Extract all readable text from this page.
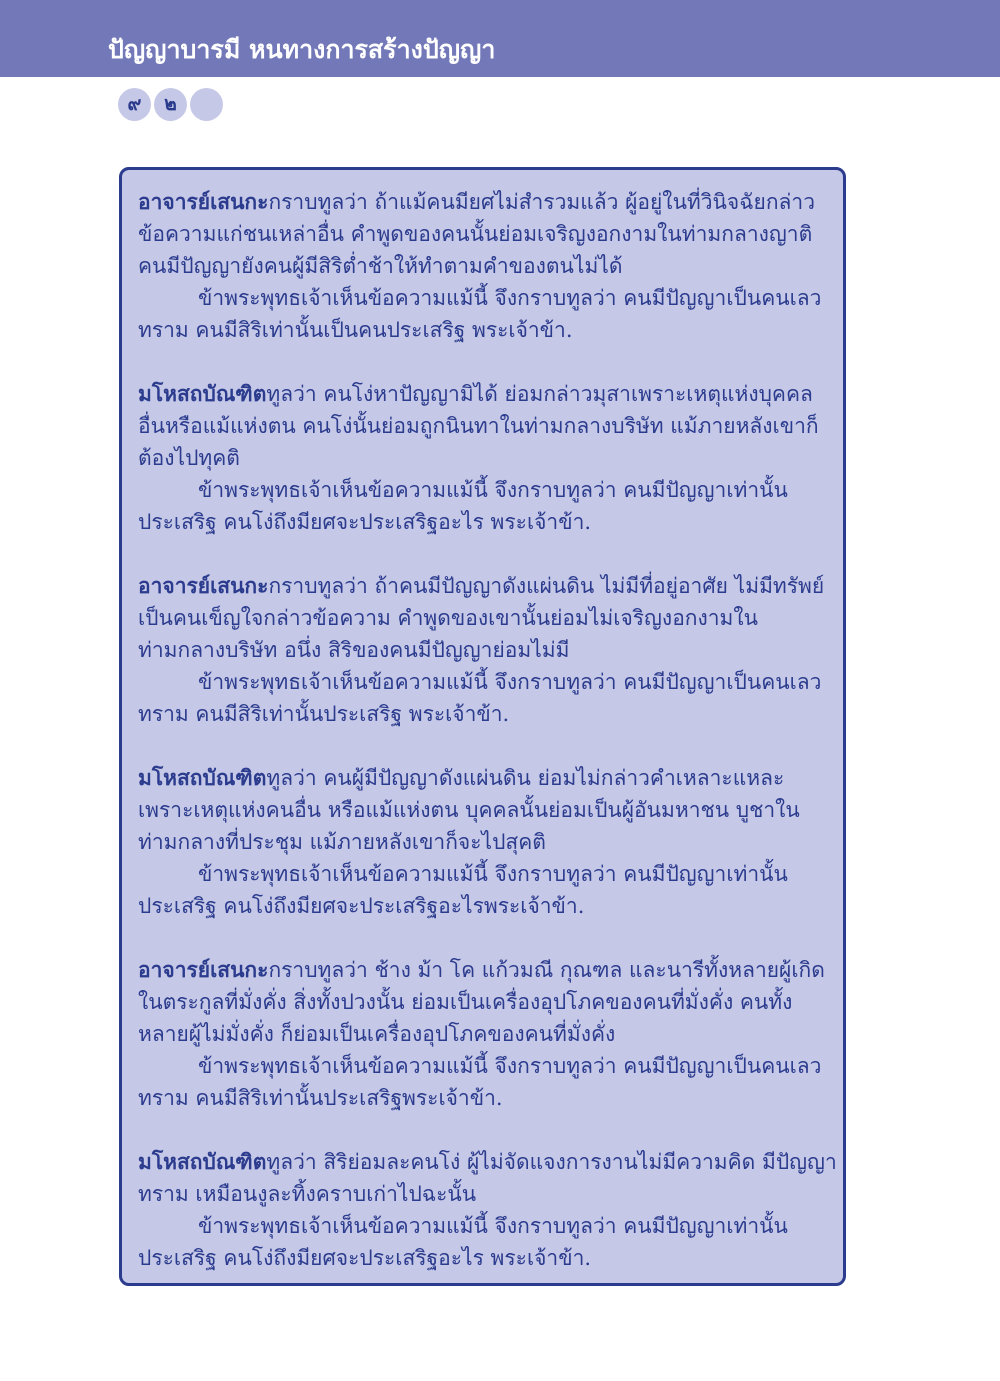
ปัญญาบารมี หนทางการสร้างปัญญา
๙	๒

อาจารย์เสนกะกราบทูลว่า ถ้าแม้คนมียศไม่สำรวมแล้ว ผู้อยู่ในที่วินิจฉัยกล่าวข้อความแก่ชนเหล่าอื่น คำพูดของคนนั้นย่อมเจริญงอกงามในท่ามกลางญาติ คนมีปัญญายังคนผู้มีสิริต่ำช้าให้ทำตามคำของตนไม่ได้

ข้าพระพุทธเจ้าเห็นข้อความแม้นี้ จึงกราบทูลว่า คนมีปัญญาเป็นคนเลวทราม คนมีสิริเท่านั้นเป็นคนประเสริฐ พระเจ้าข้า.

มโหสถบัณฑิตทูลว่า คนโง่หาปัญญามิได้ ย่อมกล่าวมุสาเพราะเหตุแห่งบุคคลอื่นหรือแม้แห่งตน คนโง่นั้นย่อมถูกนินทาในท่ามกลางบริษัท แม้ภายหลังเขาก็ต้องไปทุคติ

ข้าพระพุทธเจ้าเห็นข้อความแม้นี้ จึงกราบทูลว่า คนมีปัญญาเท่านั้นประเสริฐ คนโง่ถึงมียศจะประเสริฐอะไร พระเจ้าข้า.

อาจารย์เสนกะกราบทูลว่า ถ้าคนมีปัญญาดังแผ่นดิน ไม่มีที่อยู่อาศัย ไม่มีทรัพย์ เป็นคนเข็ญใจกล่าวข้อความ คำพูดของเขานั้นย่อมไม่เจริญงอกงามในท่ามกลางบริษัท อนึ่ง สิริของคนมีปัญญาย่อมไม่มี

ข้าพระพุทธเจ้าเห็นข้อความแม้นี้ จึงกราบทูลว่า คนมีปัญญาเป็นคนเลวทราม คนมีสิริเท่านั้นประเสริฐ พระเจ้าข้า.

มโหสถบัณฑิตทูลว่า คนผู้มีปัญญาดังแผ่นดิน ย่อมไม่กล่าวคำเหลาะแหละเพราะเหตุแห่งคนอื่น หรือแม้แห่งตน บุคคลนั้นย่อมเป็นผู้อันมหาชน บูชาในท่ามกลางที่ประชุม แม้ภายหลังเขาก็จะไปสุคติ

ข้าพระพุทธเจ้าเห็นข้อความแม้นี้ จึงกราบทูลว่า คนมีปัญญาเท่านั้นประเสริฐ คนโง่ถึงมียศจะประเสริฐอะไรพระเจ้าข้า.

อาจารย์เสนกะกราบทูลว่า ช้าง ม้า โค แก้วมณี กุณฑล และนารีทั้งหลายผู้เกิดในตระกูลที่มั่งคั่ง สิ่งทั้งปวงนั้น ย่อมเป็นเครื่องอุปโภคของคนที่มั่งคั่ง คนทั้งหลายผู้ไม่มั่งคั่ง ก็ย่อมเป็นเครื่องอุปโภคของคนที่มั่งคั่ง

ข้าพระพุทธเจ้าเห็นข้อความแม้นี้ จึงกราบทูลว่า คนมีปัญญาเป็นคนเลวทราม คนมีสิริเท่านั้นประเสริฐพระเจ้าข้า.

มโหสถบัณฑิตทูลว่า สิริย่อมละคนโง่ ผู้ไม่จัดแจงการงานไม่มีความคิด มีปัญญาทราม เหมือนงูละทิ้งคราบเก่าไปฉะนั้น

ข้าพระพุทธเจ้าเห็นข้อความแม้นี้ จึงกราบทูลว่า คนมีปัญญาเท่านั้นประเสริฐ คนโง่ถึงมียศจะประเสริฐอะไร พระเจ้าข้า.
